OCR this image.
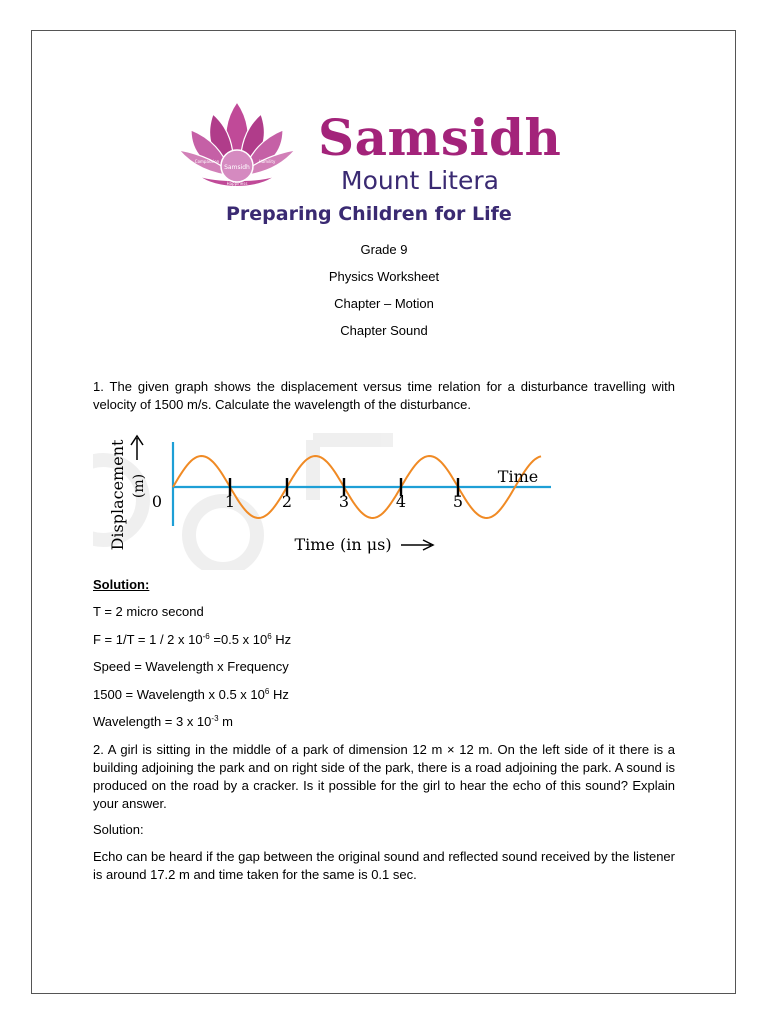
Samsidh
Compassion	Humility
Happiness
Samsidh
Mount Litera
Preparing Children for Life
Grade 9
Physics Worksheet
Chapter – Motion
Chapter Sound
1. The given graph shows the displacement versus time relation for a disturbance travelling with velocity of 1500 m/s. Calculate the wavelength of the disturbance.
Displacement (m)
0	1	2	3	4	5
Time
Time (in μs)
Solution:
T = 2 micro second
F = 1/T = 1 / 2 x $10^{-6} =0.5$ x $10^6$ Hz
Speed = Wavelength x Frequency
1500 = Wavelength x 0.5 x $10^6$ Hz
Wavelength = 3 x $10^{-3}$ m
2. A girl is sitting in the middle of a park of dimension 12 m × 12 m. On the left side of it there is a building adjoining the park and on right side of the park, there is a road adjoining the park. A sound is produced on the road by a cracker. Is it possible for the girl to hear the echo of this sound? Explain your answer.
Solution:
Echo can be heard if the gap between the original sound and reflected sound received by the listener is around 17.2 m and time taken for the same is 0.1 sec.
